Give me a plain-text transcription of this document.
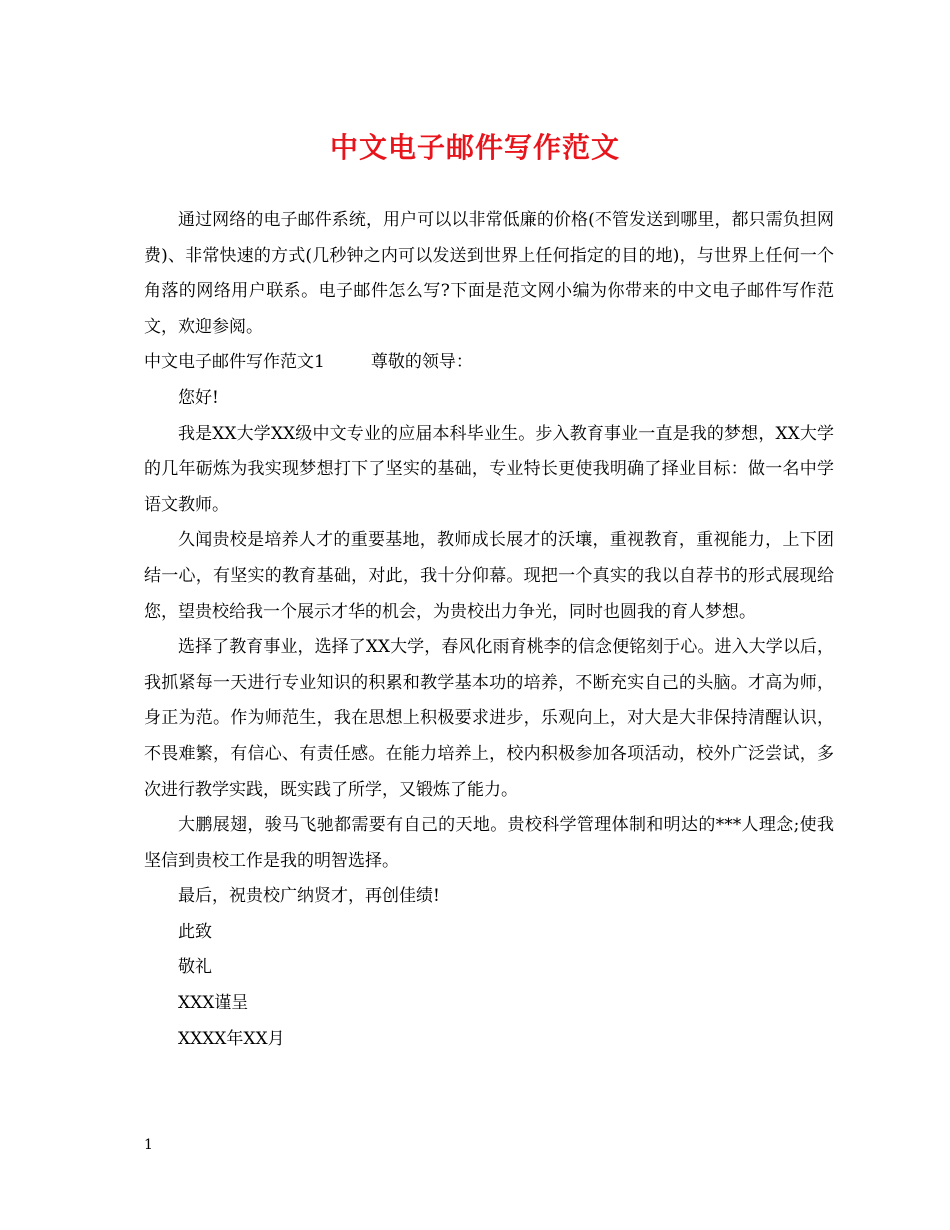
中文电子邮件写作范文

通过网络的电子邮件系统，用户可以以非常低廉的价格(不管发送到哪里，都只需负担网费)、非常快速的方式(几秒钟之内可以发送到世界上任何指定的目的地)，与世界上任何一个角落的网络用户联系。电子邮件怎么写?下面是范文网小编为你带来的中文电子邮件写作范文，欢迎参阅。

中文电子邮件写作范文1	尊敬的领导：

您好!

我是XX大学XX级中文专业的应届本科毕业生。步入教育事业一直是我的梦想，XX大学的几年砺炼为我实现梦想打下了坚实的基础，专业特长更使我明确了择业目标：做一名中学语文教师。

久闻贵校是培养人才的重要基地，教师成长展才的沃壤，重视教育，重视能力，上下团结一心，有坚实的教育基础，对此，我十分仰幕。现把一个真实的我以自荐书的形式展现给您，望贵校给我一个展示才华的机会，为贵校出力争光，同时也圆我的育人梦想。

选择了教育事业，选择了XX大学，春风化雨育桃李的信念便铭刻于心。进入大学以后，我抓紧每一天进行专业知识的积累和教学基本功的培养，不断充实自己的头脑。才高为师，身正为范。作为师范生，我在思想上积极要求进步，乐观向上，对大是大非保持清醒认识，不畏难繁，有信心、有责任感。在能力培养上，校内积极参加各项活动，校外广泛尝试，多次进行教学实践，既实践了所学，又锻炼了能力。

大鹏展翅，骏马飞驰都需要有自己的天地。贵校科学管理体制和明达的***人理念;使我坚信到贵校工作是我的明智选择。

最后，祝贵校广纳贤才，再创佳绩!

此致

敬礼

XXX谨呈

XXXX年XX月

1
